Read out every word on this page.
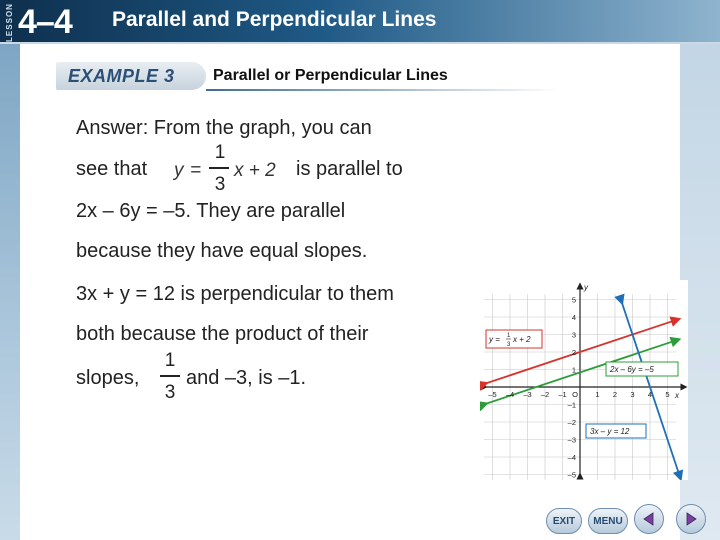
LESSON 4–4 Parallel and Perpendicular Lines
EXAMPLE 3 Parallel or Perpendicular Lines
Answer: From the graph, you can
see that y =
1
3
x + 2 is parallel to
2x – 6y = –5. They are parallel
because they have equal slopes.
3x + y = 12 is perpendicular to them
both because the product of their
slopes,
1
3
and –3, is –1.
–5 –4 –3 –2 –1 O 1 2 3 4 5
1
2
3
4
5
–1
–2
–3
–4
–5
y
x
y = 1
3
x + 2
2x – 6y = –5
3x – y = 12
EXIT	MENU
